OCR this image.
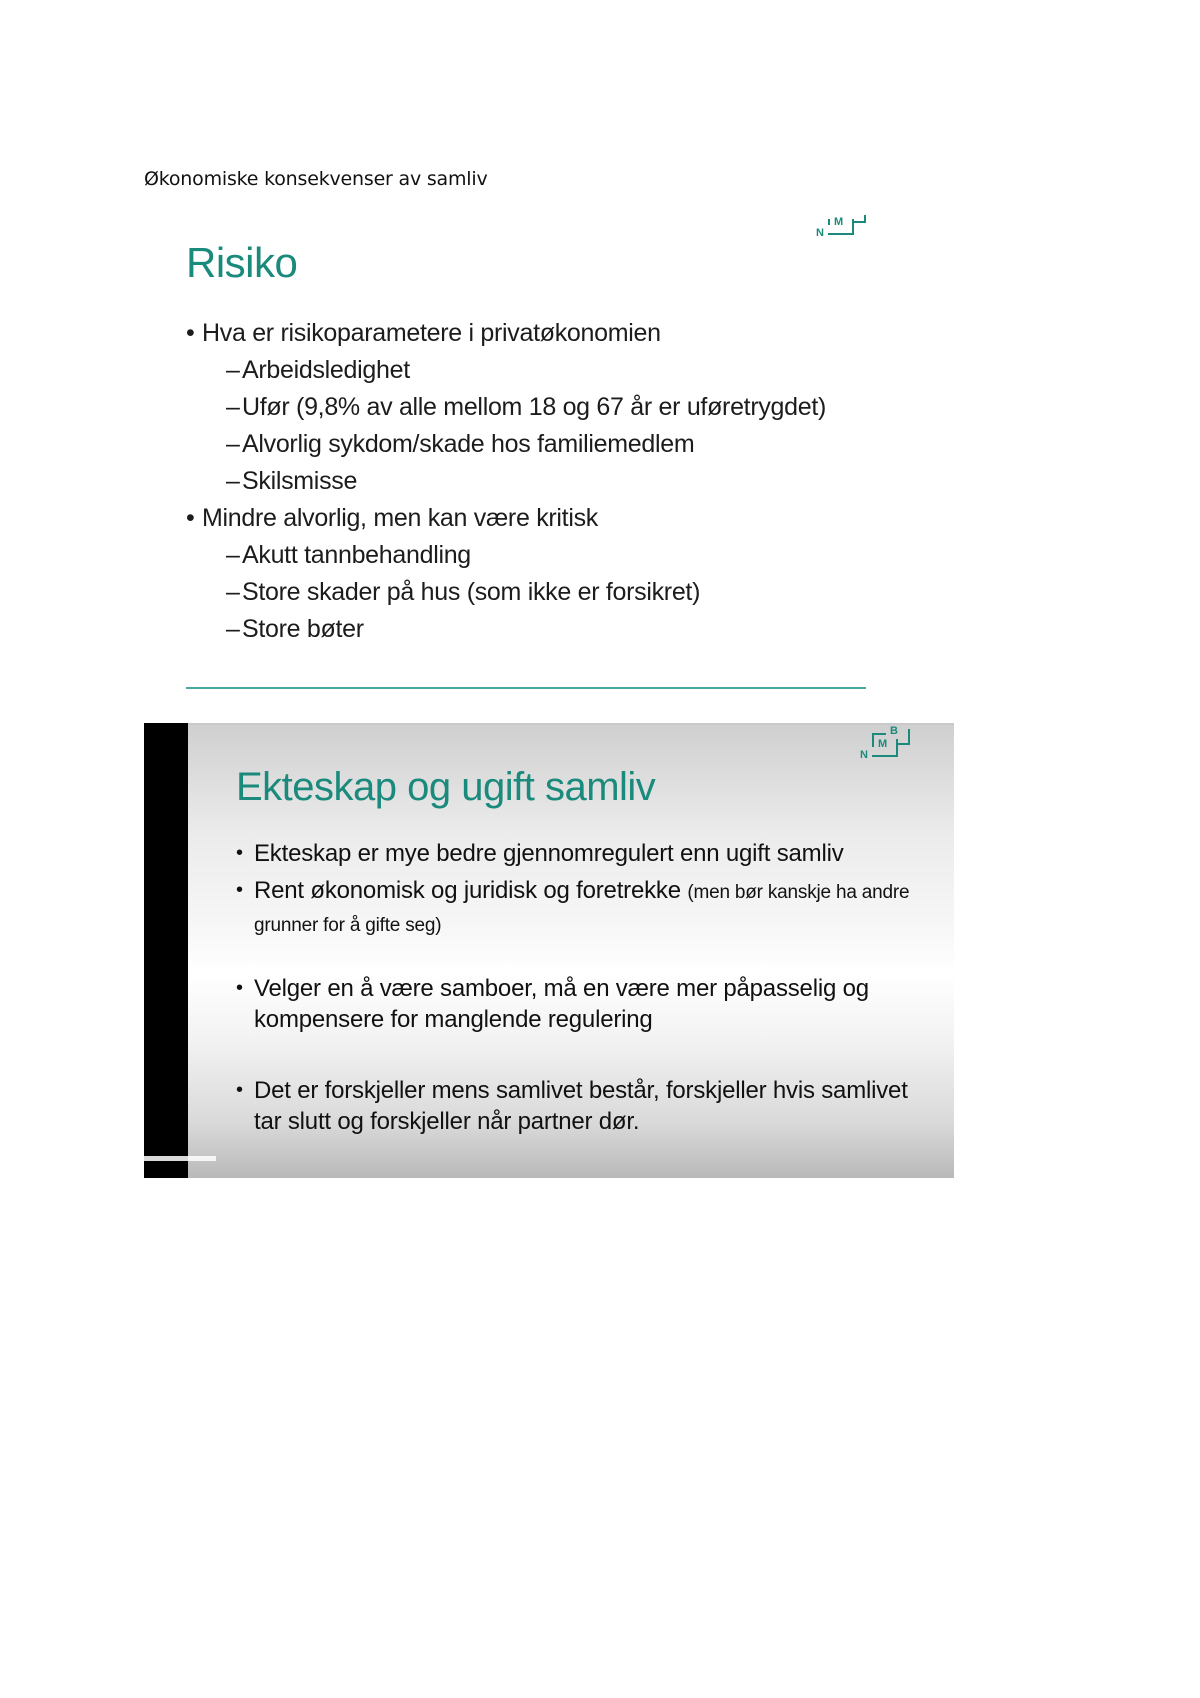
Økonomiske konsekvenser av samliv
N
M
Risiko
• Hva er risikoparametere i privatøkonomien
–Arbeidsledighet
–Ufør (9,8% av alle mellom 18 og 67 år er uføretrygdet)
–Alvorlig sykdom/skade hos familiemedlem
–Skilsmisse
• Mindre alvorlig, men kan være kritisk
–Akutt tannbehandling
–Store skader på hus (som ikke er forsikret)
–Store bøter
N
M
B
Ekteskap og ugift samliv
• Ekteskap er mye bedre gjennomregulert enn ugift samliv
• Rent økonomisk og juridisk og foretrekke (men bør kanskje ha andre grunner for å gifte seg)
• Velger en å være samboer, må en være mer påpasselig og kompensere for manglende regulering
• Det er forskjeller mens samlivet består, forskjeller hvis samlivet tar slutt og forskjeller når partner dør.
